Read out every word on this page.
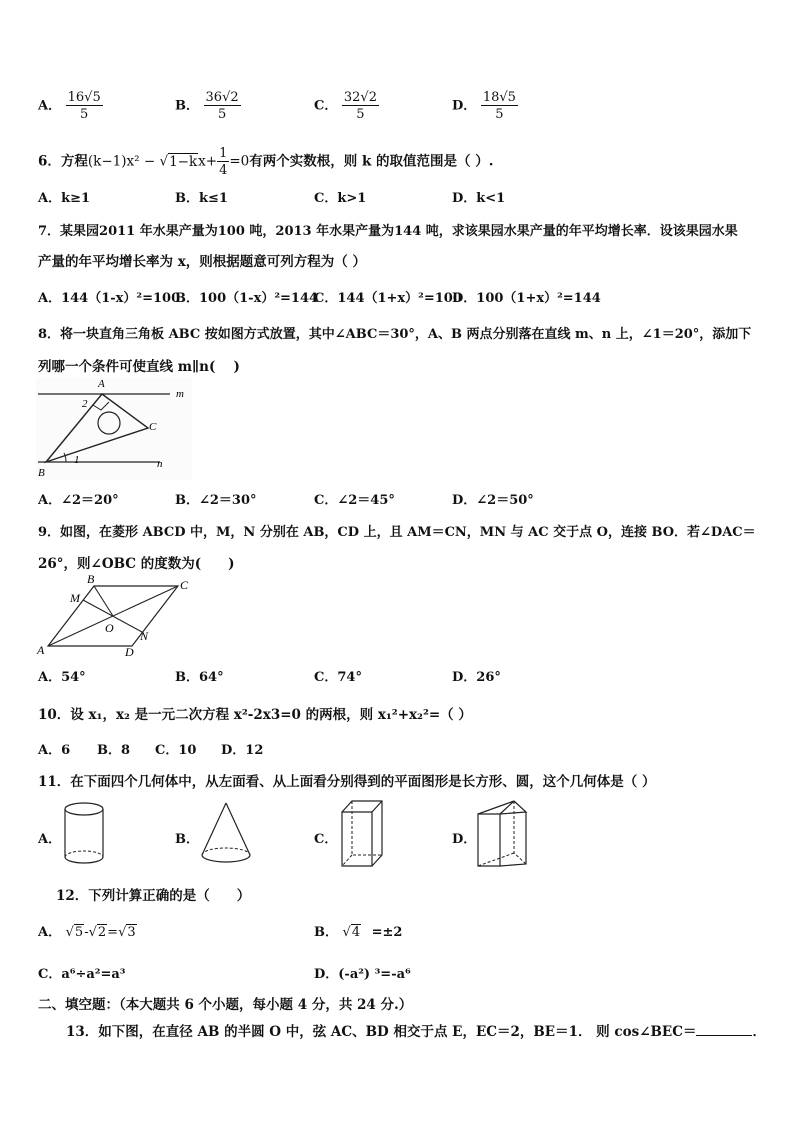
A． $\frac{16√5}{5}$	B． $\frac{36√2}{5}$	C． $\frac{32√2}{5}$	D． $\frac{18√5}{5}$
6．方程$(k-1)x^2 - √1-kx+ \frac{1}{4} =0$有两个实数根，则 k 的取值范围是（ ）.
A．k≥1	B．k≤1	C．k>1	D．k<1
7．某果园2011 年水果产量为100 吨，2013 年水果产量为144 吨，求该果园水果产量的年平均增长率．设该果园水果
产量的年平均增长率为 x，则根据题意可列方程为（ ）
A．144（1-x）²=100
B．100（1-x）²=144
C．144（1+x）²=100
D．100（1+x）²=144
8．将一块直角三角板 ABC 按如图方式放置，其中∠ABC＝30°，A、B 两点分别落在直线 m、n 上，∠1＝20°，添加下
列哪一个条件可使直线 m∥n(　 )
A
B
C
m
n
1
2
A．∠2＝20°	B．∠2＝30°	C．∠2＝45°	D．∠2＝50°
9．如图，在菱形 ABCD 中，M，N 分别在 AB，CD 上，且 AM＝CN，MN 与 AC 交于点 O，连接 BO．若∠DAC＝
26°，则∠OBC 的度数为(　　)
A
B	C
D
M
N
O
A．54°	B．64°	C．74°	D．26°
10．设 x₁，x₂ 是一元二次方程 x²-2x3=0 的两根，则 x₁²+x₂²=（ ）
A．6 B．8 C．10 D．12
11．在下面四个几何体中，从左面看、从上面看分别得到的平面图形是长方形、圆，这个几何体是（ ）
A．	B．	C．	D．
12．下列计算正确的是（　　）
A． √5-√2=√3	B． √4 =±2
C．a⁶÷a²=a³	D．(-a²) ³=-a⁶
二、填空题：（本大题共 6 个小题，每小题 4 分，共 24 分.）
13．如下图，在直径 AB 的半圆 O 中，弦 AC、BD 相交于点 E，EC＝2，BE＝1． 则 cos∠BEC＝	．
